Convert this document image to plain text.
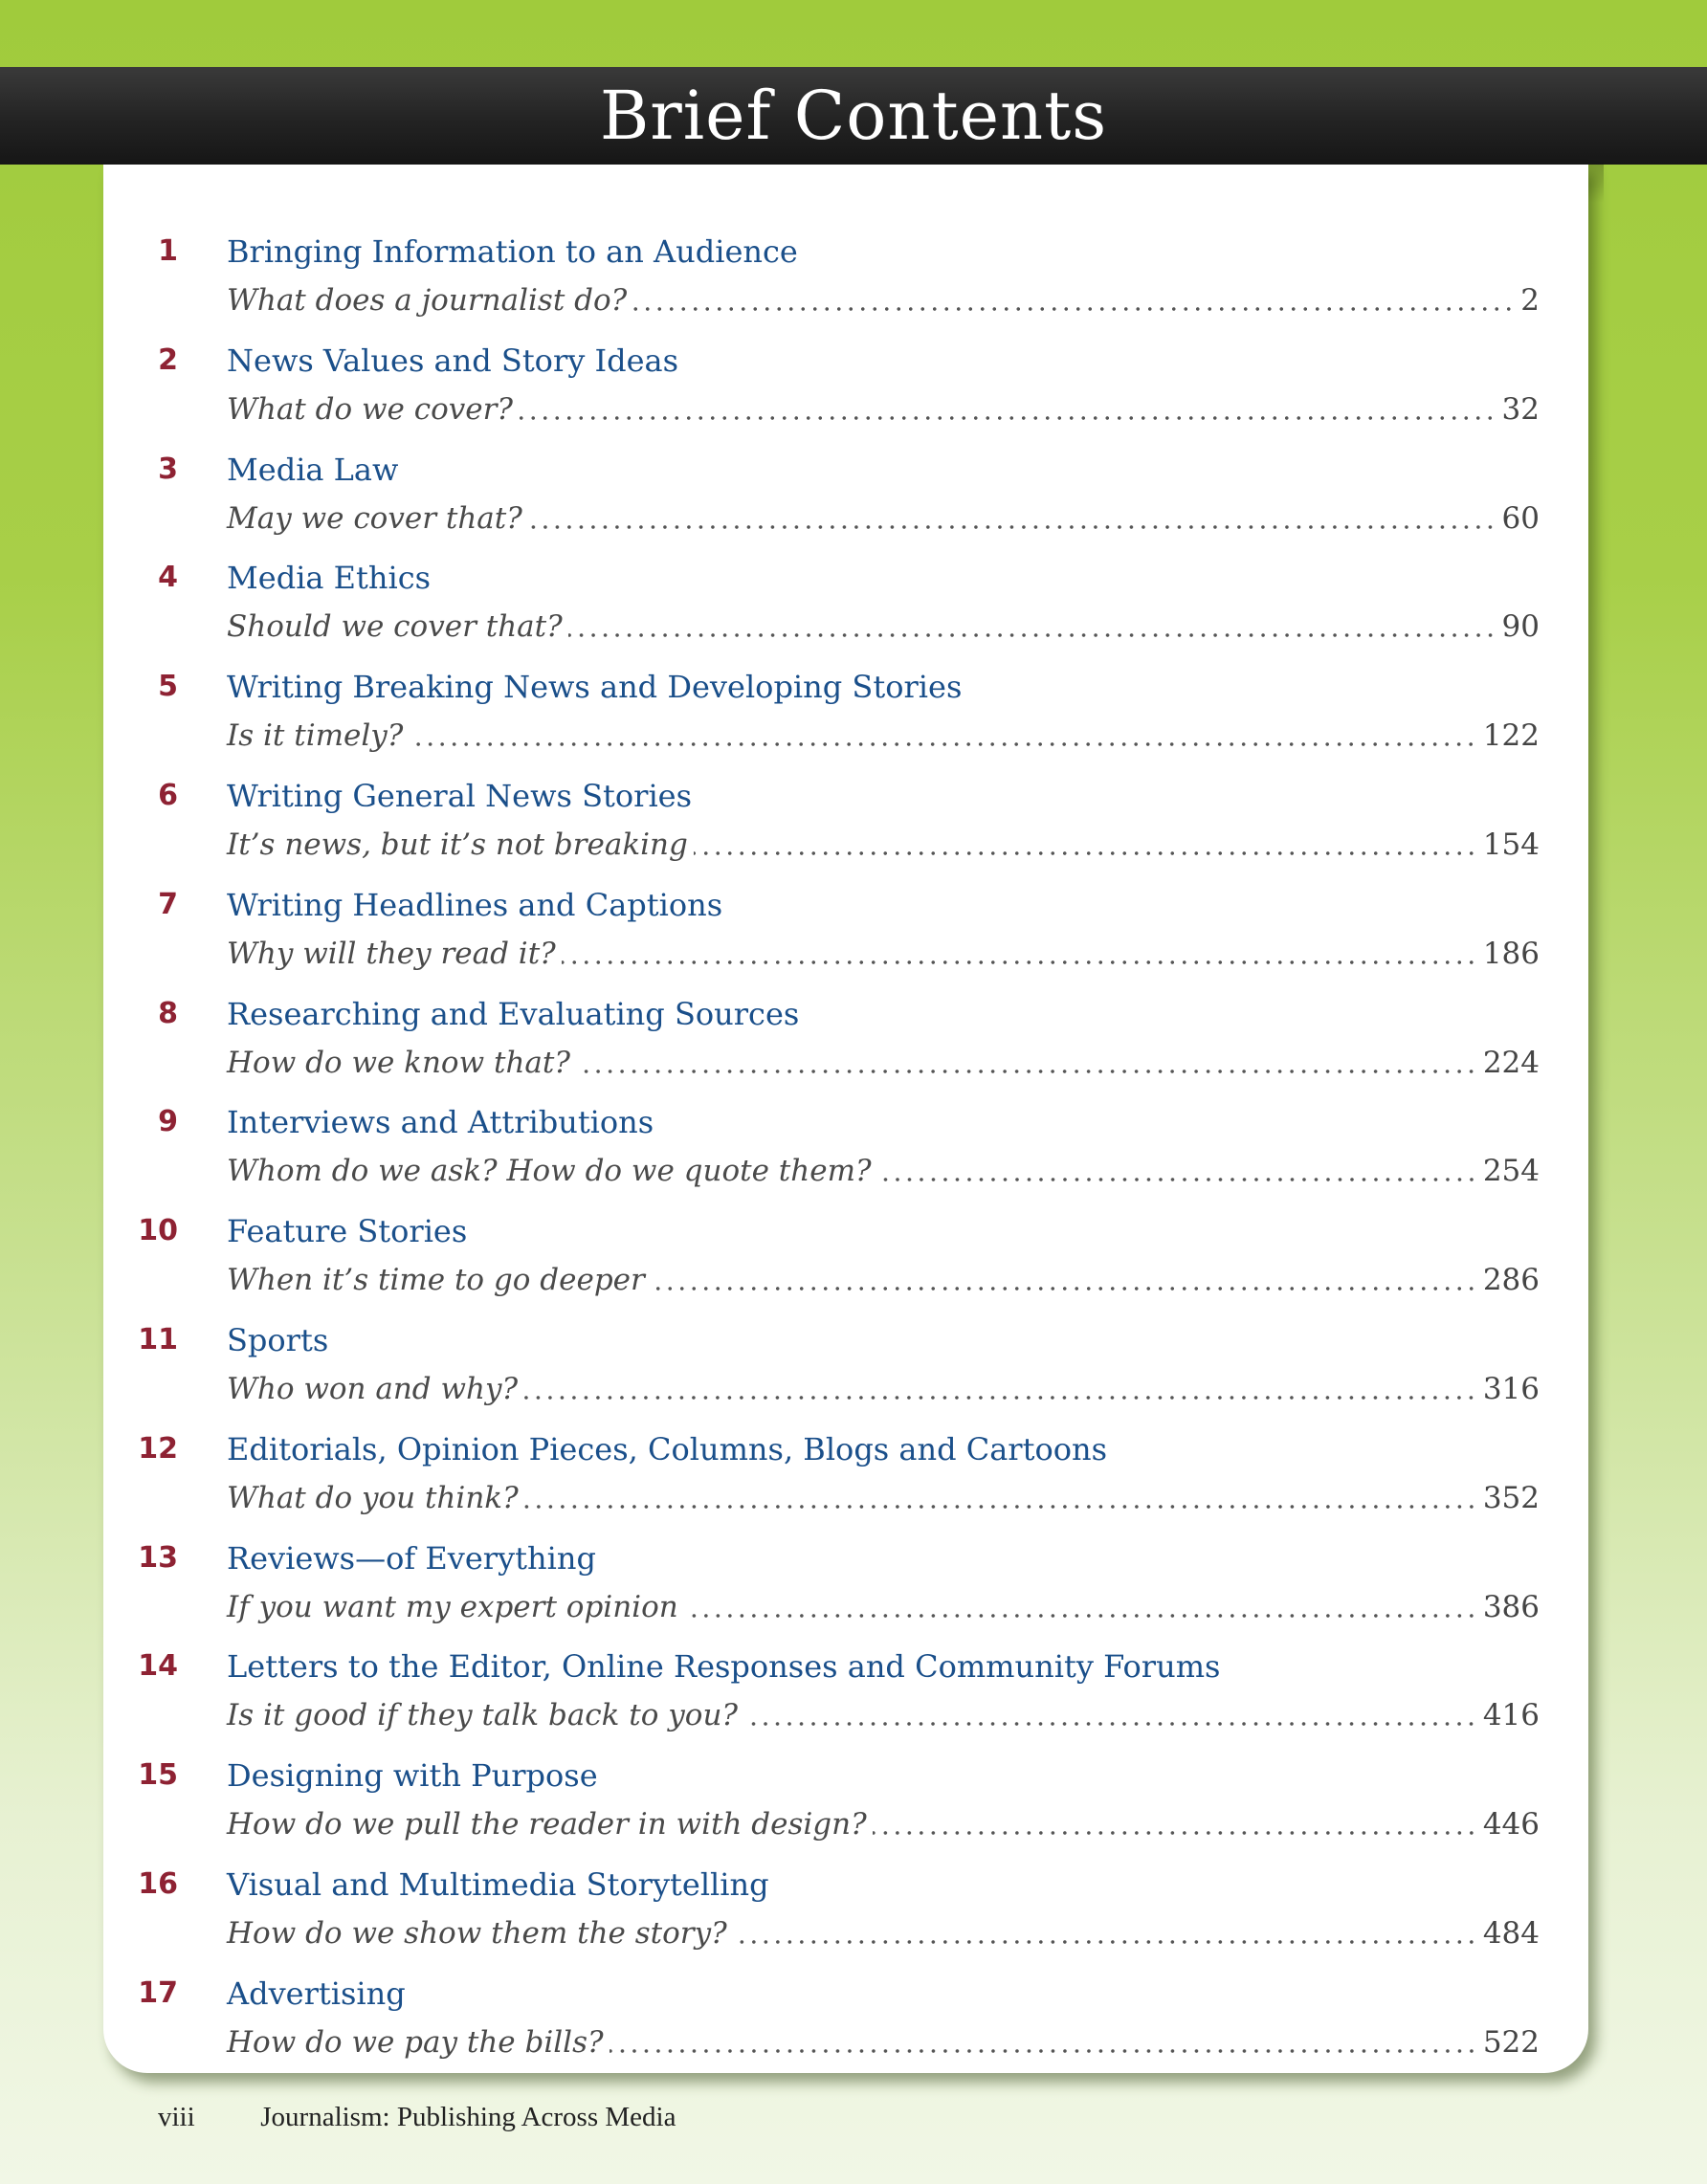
Brief Contents
1 Bringing Information to an Audience
What does a journalist do?	2
2 News Values and Story Ideas
What do we cover?	32
3 Media Law
May we cover that?	60
4 Media Ethics
Should we cover that?	90
5 Writing Breaking News and Developing Stories
Is it timely?	122
6 Writing General News Stories
It’s news, but it’s not breaking	154
7 Writing Headlines and Captions
Why will they read it?	186
8 Researching and Evaluating Sources
How do we know that?	224
9 Interviews and Attributions
Whom do we ask? How do we quote them?	254
10 Feature Stories
When it’s time to go deeper	286
11 Sports
Who won and why?	316
12 Editorials, Opinion Pieces, Columns, Blogs and Cartoons
What do you think?	352
13 Reviews—of Everything
If you want my expert opinion	386
14 Letters to the Editor, Online Responses and Community Forums
Is it good if they talk back to you?	416
15 Designing with Purpose
How do we pull the reader in with design?	446
16 Visual and Multimedia Storytelling
How do we show them the story?	484
17 Advertising
How do we pay the bills?	522
viii Journalism: Publishing Across Media
